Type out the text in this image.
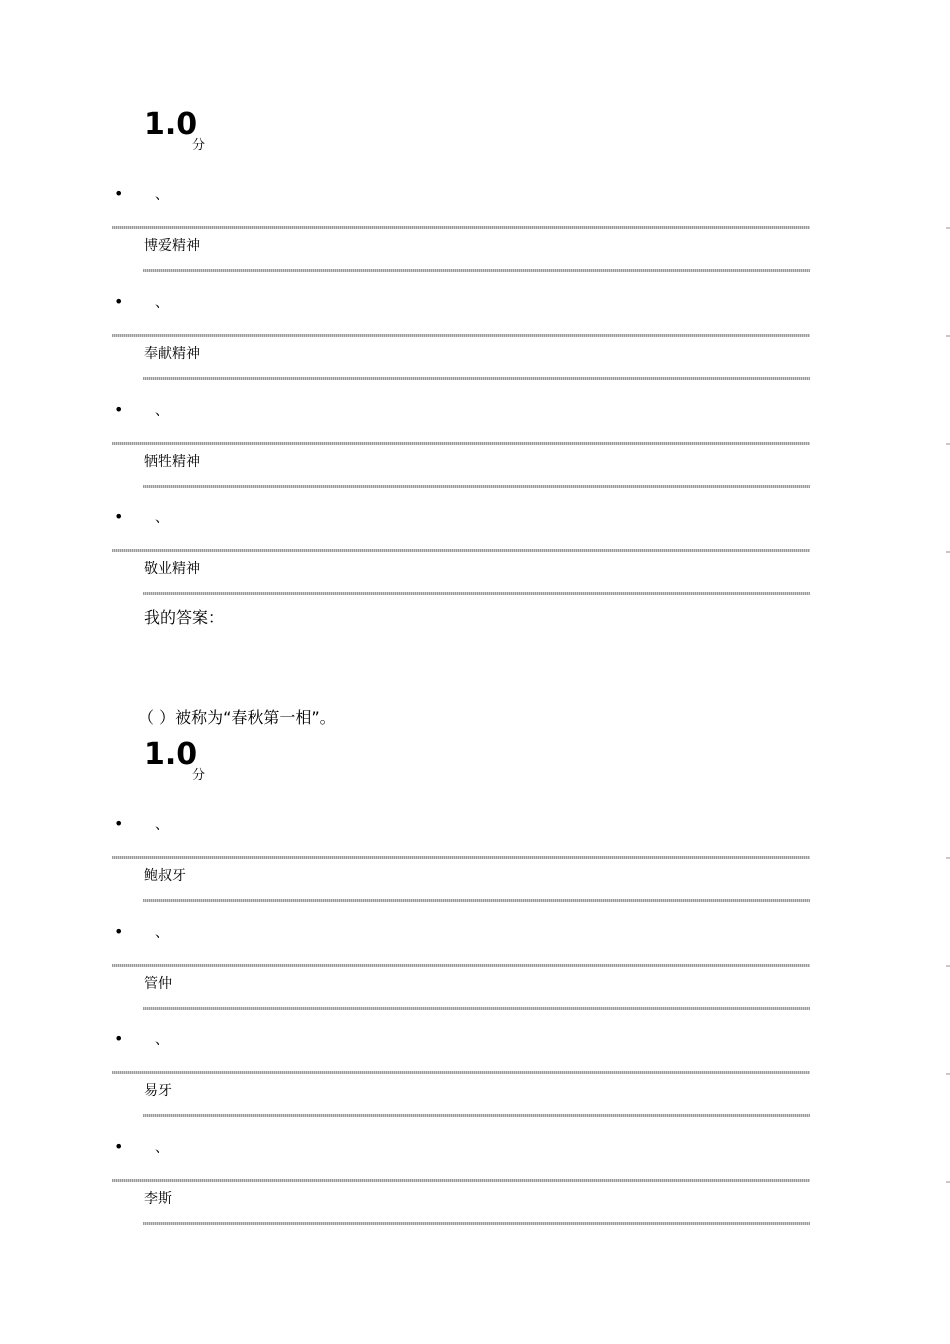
1.0
分
• 、
博爱精神
• 、
奉献精神
• 、
牺牲精神
• 、
敬业精神
我的答案：
（ ）被称为“春秋第一相”。
1.0
分
• 、
鲍叔牙
• 、
管仲
• 、
易牙
• 、
李斯
